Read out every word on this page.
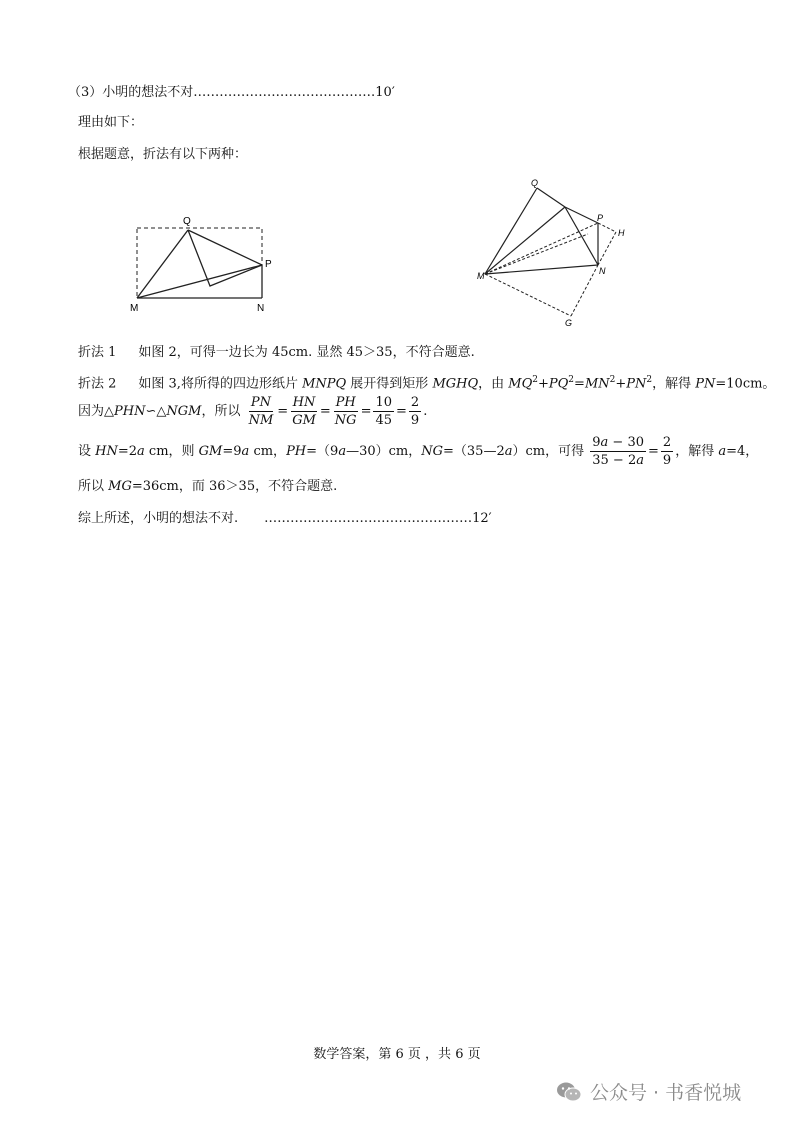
（3）小明的想法不对……………………………………10′
理由如下：
根据题意，折法有以下两种：
Q
P
M	N
Q
P
H
M	N
G
折法 1 如图 2，可得一边长为 45cm. 显然 45＞35，不符合题意.
折法 2 如图 3,将所得的四边形纸片 MNPQ 展开得到矩形 MGHQ，由 $MQ^2+PQ^2=MN^2+PN^2$，解得 PN=10cm。
因为△PHN∽△NGM，所以 $\frac{PN}{NM} = \frac{HN}{GM} = \frac{PH}{NG} = \frac{10}{45} = \frac{2}{9}$ .
设 HN=2a cm，则 GM=9a cm，PH=（9a—30）cm，NG=（35—2a）cm，可得 $\frac{9a - 30}{35 - 2a} = \frac{2}{9}$ ，解得 a=4，
所以 MG=36cm，而 36＞35，不符合题意.
综上所述，小明的想法不对. …………………………………………12′
数学答案，第 6 页 ，共 6 页
公众号 · 书香悦城
